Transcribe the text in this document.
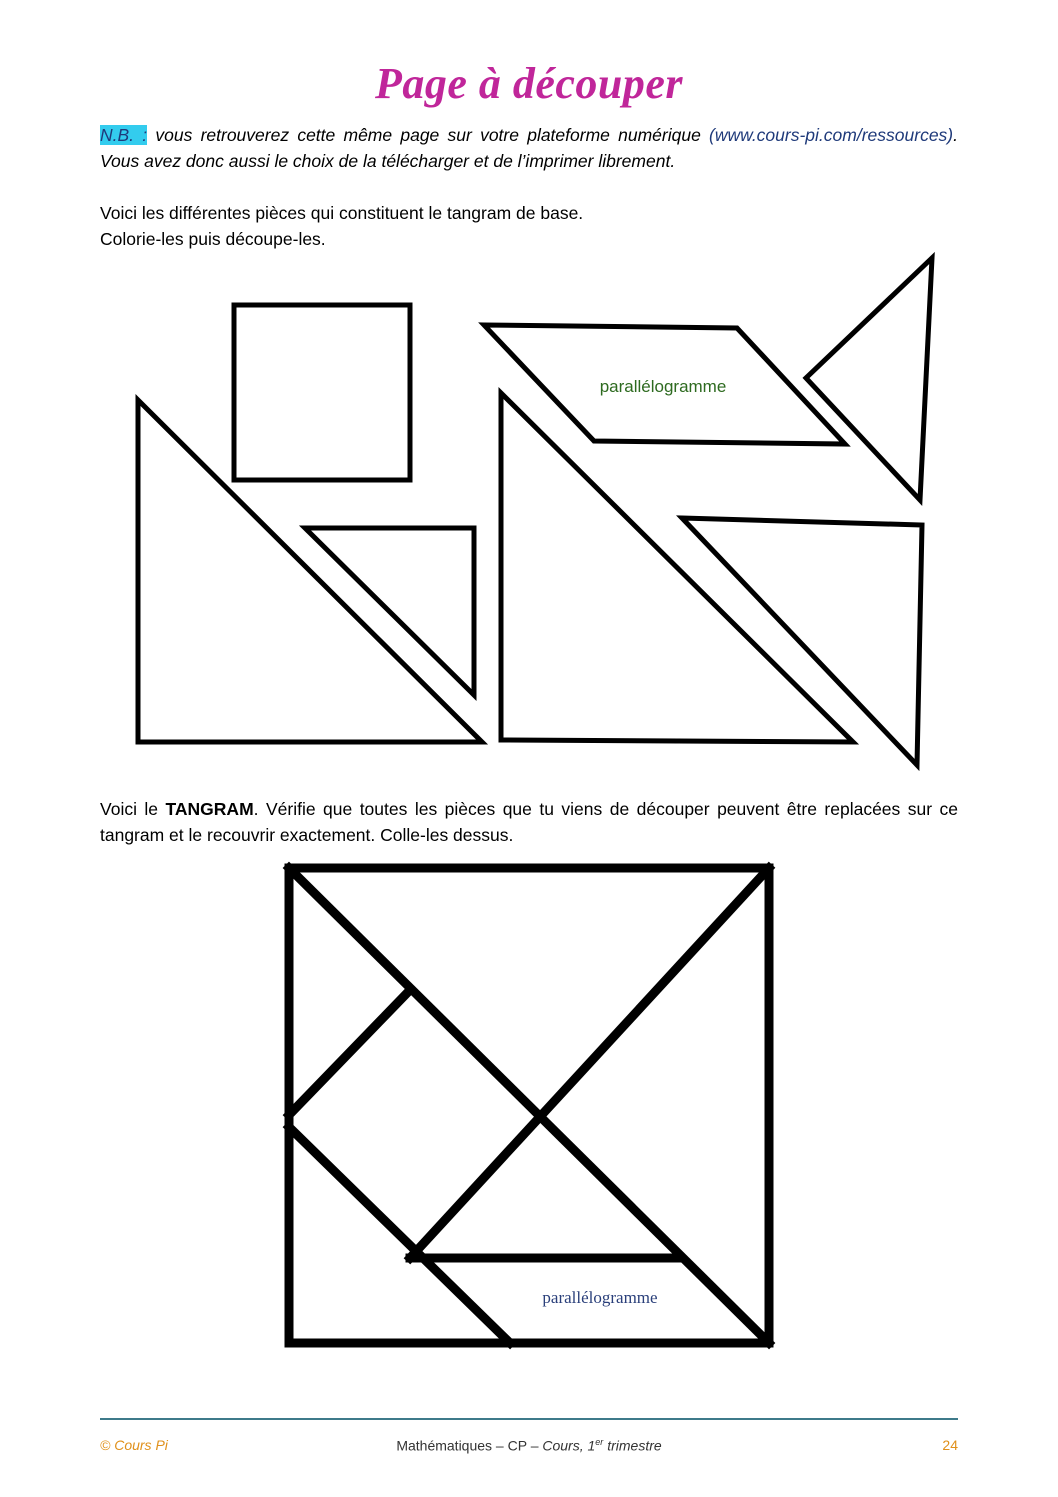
Page à découper
N.B. : vous retrouverez cette même page sur votre plateforme numérique (www.cours-pi.com/ressources). Vous avez donc aussi le choix de la télécharger et de l’imprimer librement.
Voici les différentes pièces qui constituent le tangram de base.
Colorie-les puis découpe-les.
parallélogramme
parallélogramme
Voici le TANGRAM. Vérifie que toutes les pièces que tu viens de découper peuvent être replacées sur ce tangram et le recouvrir exactement. Colle-les dessus.
© Cours Pi	Mathématiques – CP – Cours, 1er trimestre	24
